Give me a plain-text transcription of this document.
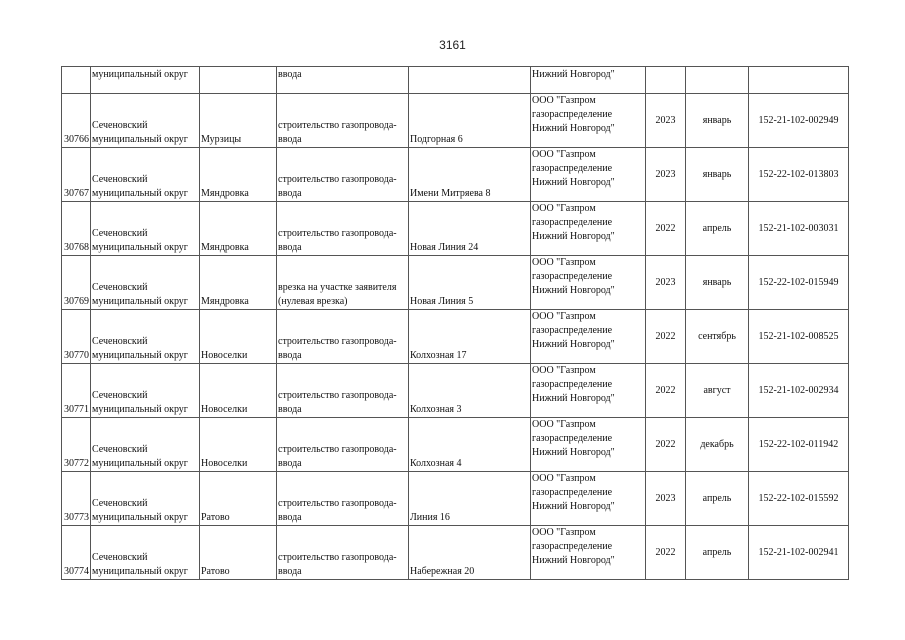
3161
	муниципальный округ		ввода		Нижний Новгород"			
30766	Сеченовский
муниципальный округ	Мурзицы	строительство газопровода-
ввода	Подгорная 6	ООО "Газпром
газораспределение
Нижний Новгород"	2023	январь	152-21-102-002949
30767	Сеченовский
муниципальный округ	Мяндровка	строительство газопровода-
ввода	Имени Митряева 8	ООО "Газпром
газораспределение
Нижний Новгород"	2023	январь	152-22-102-013803
30768	Сеченовский
муниципальный округ	Мяндровка	строительство газопровода-
ввода	Новая Линия 24	ООО "Газпром
газораспределение
Нижний Новгород"	2022	апрель	152-21-102-003031
30769	Сеченовский
муниципальный округ	Мяндровка	врезка на участке заявителя
(нулевая врезка)	Новая Линия 5	ООО "Газпром
газораспределение
Нижний Новгород"	2023	январь	152-22-102-015949
30770	Сеченовский
муниципальный округ	Новоселки	строительство газопровода-
ввода	Колхозная 17	ООО "Газпром
газораспределение
Нижний Новгород"	2022	сентябрь	152-21-102-008525
30771	Сеченовский
муниципальный округ	Новоселки	строительство газопровода-
ввода	Колхозная 3	ООО "Газпром
газораспределение
Нижний Новгород"	2022	август	152-21-102-002934
30772	Сеченовский
муниципальный округ	Новоселки	строительство газопровода-
ввода	Колхозная 4	ООО "Газпром
газораспределение
Нижний Новгород"	2022	декабрь	152-22-102-011942
30773	Сеченовский
муниципальный округ	Ратово	строительство газопровода-
ввода	Линия 16	ООО "Газпром
газораспределение
Нижний Новгород"	2023	апрель	152-22-102-015592
30774	Сеченовский
муниципальный округ	Ратово	строительство газопровода-
ввода	Набережная 20	ООО "Газпром
газораспределение
Нижний Новгород"	2022	апрель	152-21-102-002941
